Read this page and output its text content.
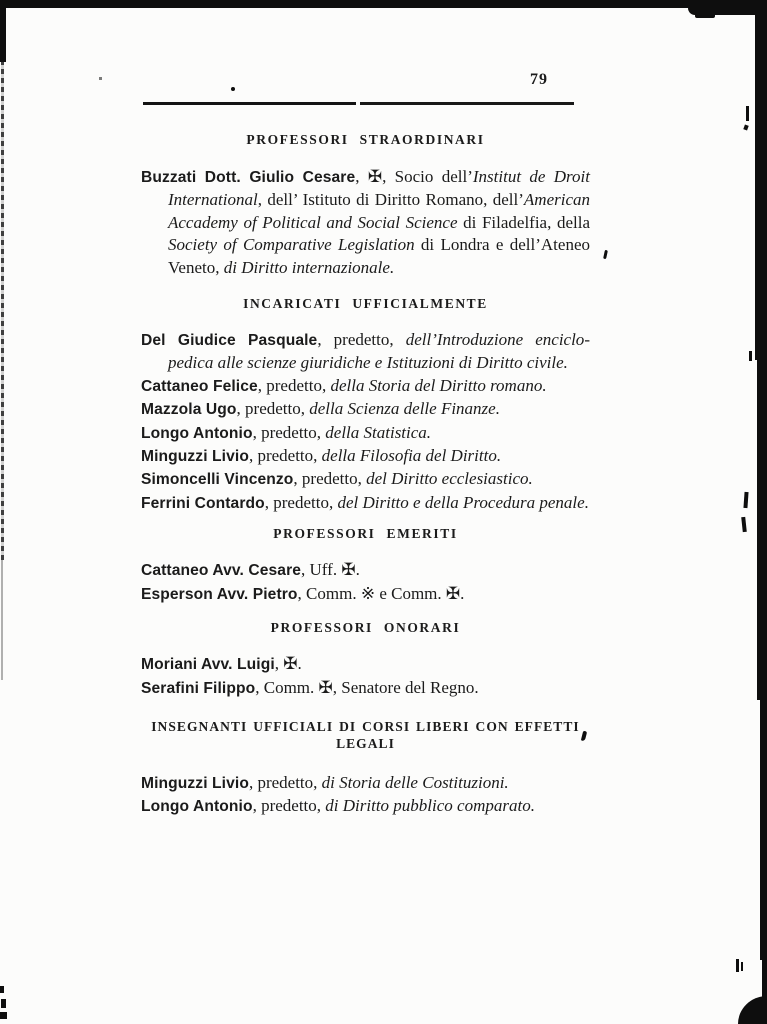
79
PROFESSORI STRAORDINARI

Buzzati Dott. Giulio Cesare, ✠, Socio dell’Institut de Droit International, dell’ Istituto di Diritto Romano, dell’American Accademy of Political and Social Science di Filadelfia, della Society of Comparative Legislation di Londra e dell’Ateneo Veneto, di Diritto internazionale.

INCARICATI UFFICIALMENTE

Del Giudice Pasquale, predetto, dell’Introduzione enciclopedica alle scienze giuridiche e Istituzioni di Diritto civile.

Cattaneo Felice, predetto, della Storia del Diritto romano.

Mazzola Ugo, predetto, della Scienza delle Finanze.

Longo Antonio, predetto, della Statistica.

Minguzzi Livio, predetto, della Filosofia del Diritto.

Simoncelli Vincenzo, predetto, del Diritto ecclesiastico.

Ferrini Contardo, predetto, del Diritto e della Procedura penale.

PROFESSORI EMERITI

Cattaneo Avv. Cesare, Uff. ✠.

Esperson Avv. Pietro, Comm. ※ e Comm. ✠.

PROFESSORI ONORARI

Moriani Avv. Luigi, ✠.

Serafini Filippo, Comm. ✠, Senatore del Regno.

INSEGNANTI UFFICIALI DI CORSI LIBERI CON EFFETTI LEGALI

Minguzzi Livio, predetto, di Storia delle Costituzioni.

Longo Antonio, predetto, di Diritto pubblico comparato.
